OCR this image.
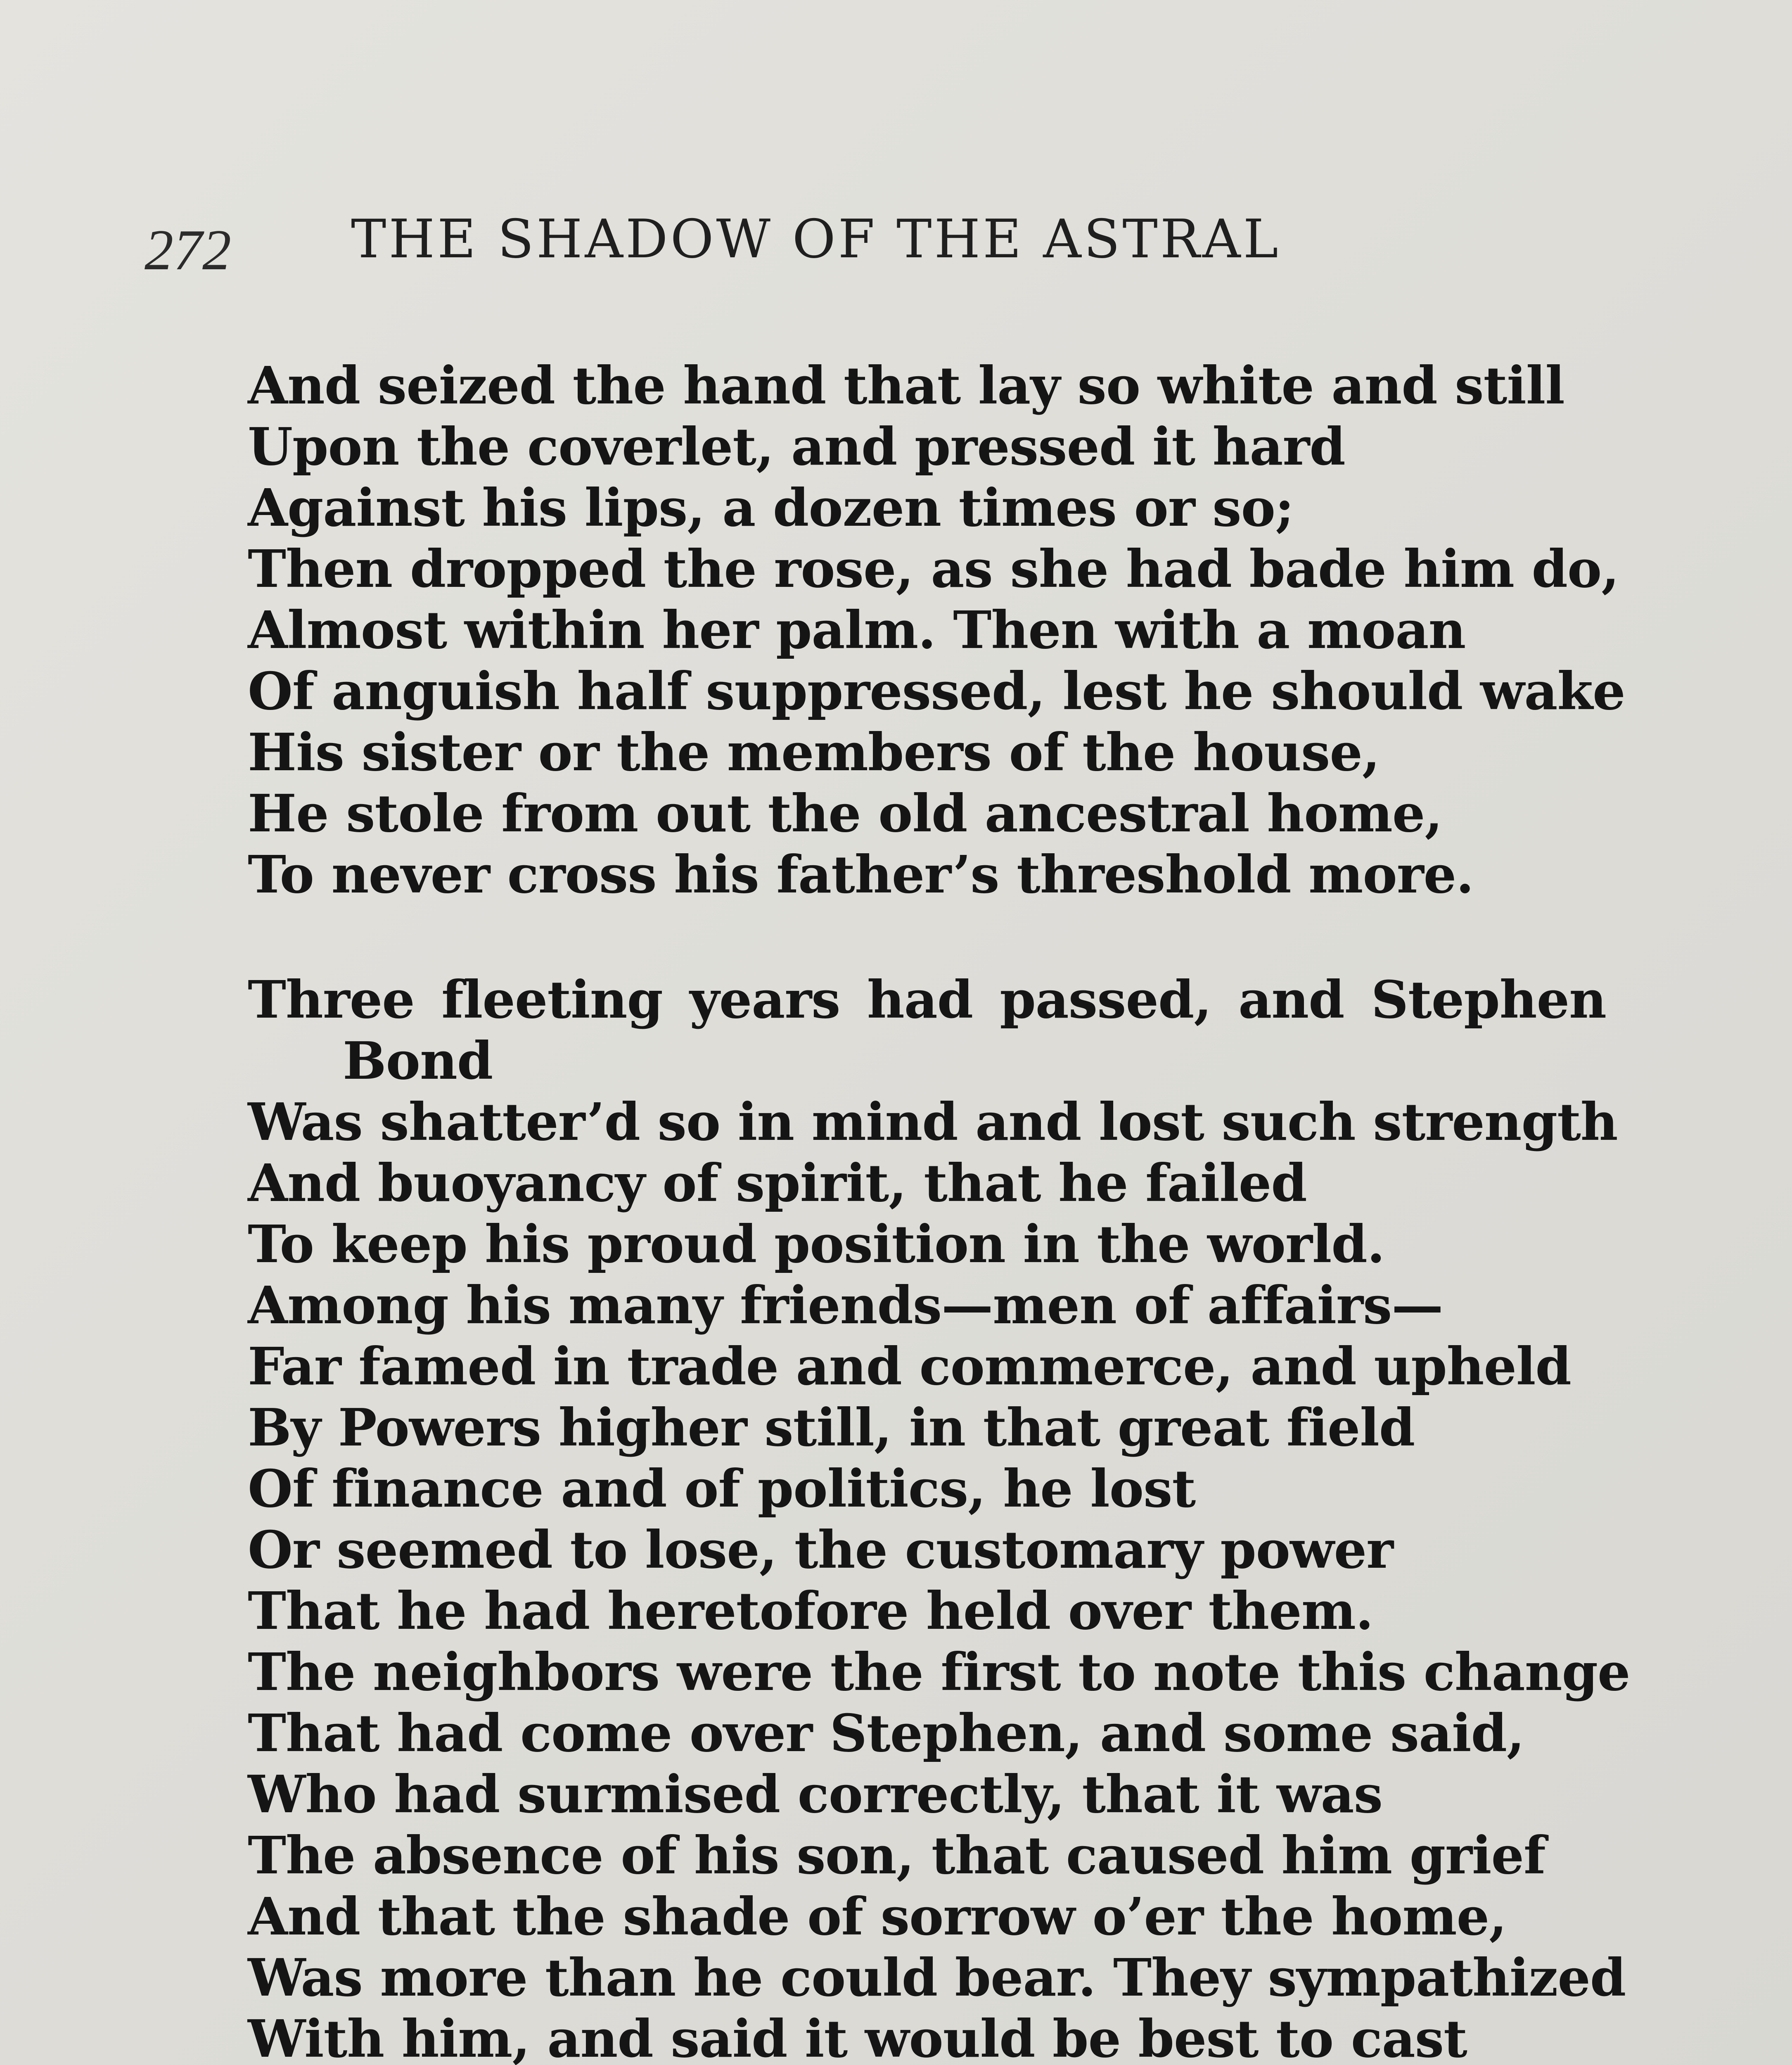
272 THE SHADOW OF THE ASTRAL
And seized the hand that lay so white and still
Upon the coverlet, and pressed it hard
Against his lips, a dozen times or so;
Then dropped the rose, as she had bade him do,
Almost within her palm. Then with a moan
Of anguish half suppressed, lest he should wake
His sister or the members of the house,
He stole from out the old ancestral home,
To never cross his father’s threshold more.
Three fleeting years had passed, and Stephen
Bond
Was shatter’d so in mind and lost such strength
And buoyancy of spirit, that he failed
To keep his proud position in the world.
Among his many friends—men of affairs—
Far famed in trade and commerce, and upheld
By Powers higher still, in that great field
Of finance and of politics, he lost
Or seemed to lose, the customary power
That he had heretofore held over them.
The neighbors were the first to note this change
That had come over Stephen, and some said,
Who had surmised correctly, that it was
The absence of his son, that caused him grief
And that the shade of sorrow o’er the home,
Was more than he could bear. They sympathized
With him, and said it would be best to cast
